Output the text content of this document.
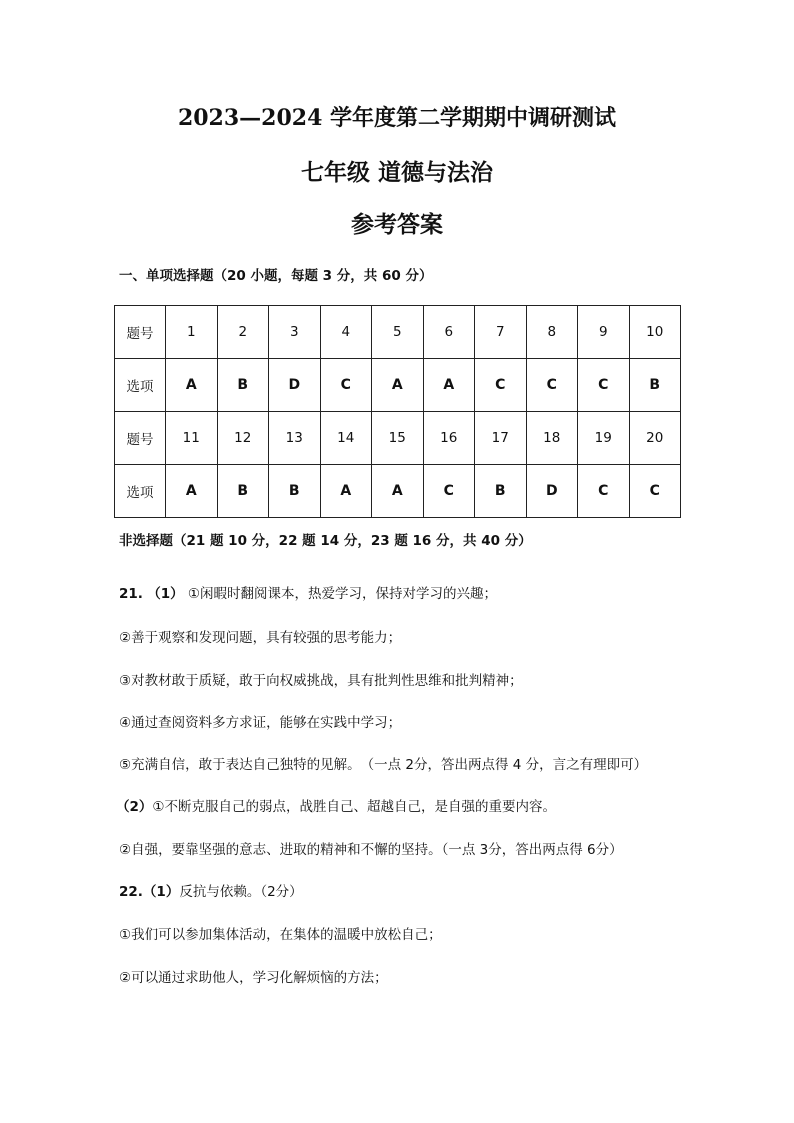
2023—2024 学年度第二学期期中调研测试
七年级 道德与法治
参考答案
一、单项选择题（20 小题，每题 3 分，共 60 分）
题号	1	2	3	4	5	6	7	8	9	10
选项	A	B	D	C	A	A	C	C	C	B
题号	11	12	13	14	15	16	17	18	19	20
选项	A	B	B	A	A	C	B	D	C	C
非选择题（21 题 10 分，22 题 14 分，23 题 16 分，共 40 分）
21. （1） ①闲暇时翻阅课本，热爱学习，保持对学习的兴趣；
②善于观察和发现问题，具有较强的思考能力；
③对教材敢于质疑，敢于向权威挑战，具有批判性思维和批判精神；
④通过查阅资料多方求证，能够在实践中学习；
⑤充满自信，敢于表达自己独特的见解。　（一点 2分，答出两点得 4 分，言之有理即可）
（2）①不断克服自己的弱点，战胜自己、超越自己，是自强的重要内容。
②自强，要靠坚强的意志、进取的精神和不懈的坚持。（一点 3分，答出两点得 6分）
22.（1）反抗与依赖。（2分）
①我们可以参加集体活动，在集体的温暖中放松自己；
②可以通过求助他人，学习化解烦恼的方法；
